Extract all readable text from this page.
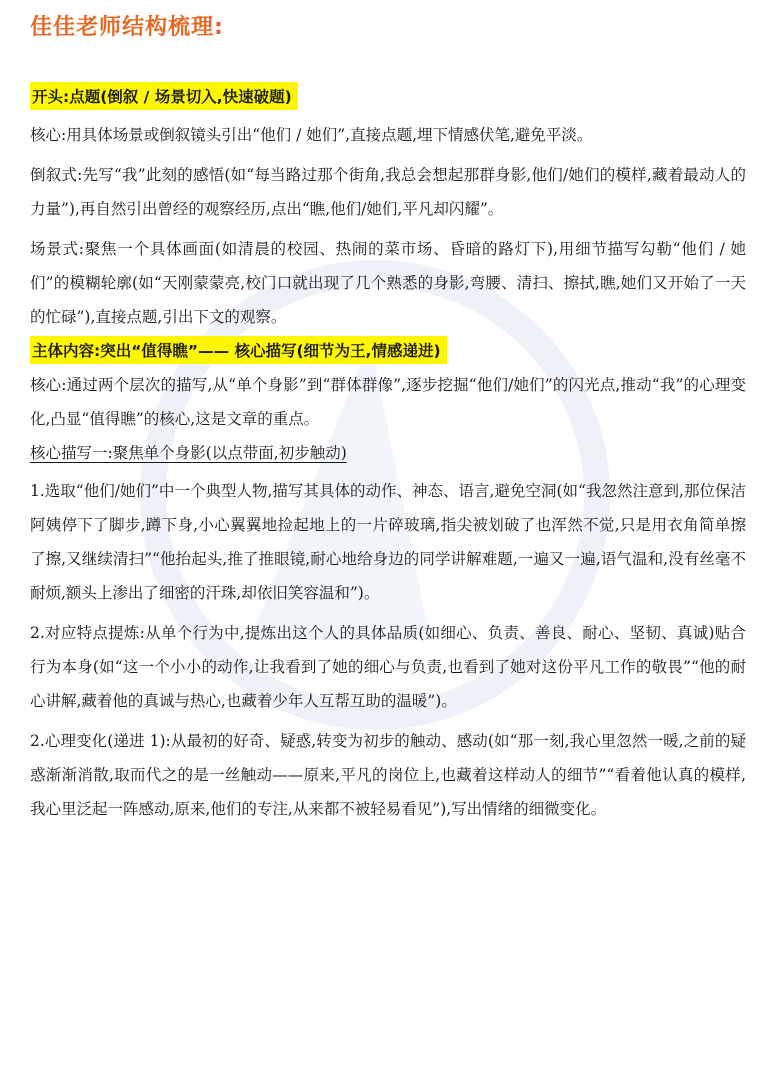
佳佳老师结构梳理:
开头:点题(倒叙 / 场景切入,快速破题)

核心:用具体场景或倒叙镜头引出“他们 / 她们”,直接点题,埋下情感伏笔,避免平淡。

倒叙式:先写“我”此刻的感悟(如“每当路过那个街角,我总会想起那群身影,他们/她们的模样,藏着最动人的力量”),再自然引出曾经的观察经历,点出“瞧,他们/她们,平凡却闪耀”。

场景式:聚焦一个具体画面(如清晨的校园、热闹的菜市场、昏暗的路灯下),用细节描写勾勒“他们 / 她们”的模糊轮廓(如“天刚蒙蒙亮,校门口就出现了几个熟悉的身影,弯腰、清扫、擦拭,瞧,她们又开始了一天的忙碌”),直接点题,引出下文的观察。

主体内容:突出“值得瞧”—— 核心描写(细节为王,情感递进)

核心:通过两个层次的描写,从“单个身影”到“群体群像”,逐步挖掘“他们/她们”的闪光点,推动“我”的心理变化,凸显“值得瞧”的核心,这是文章的重点。

核心描写一:聚焦单个身影(以点带面,初步触动)

1.选取“他们/她们”中一个典型人物,描写其具体的动作、神态、语言,避免空洞(如“我忽然注意到,那位保洁阿姨停下了脚步,蹲下身,小心翼翼地捡起地上的一片碎玻璃,指尖被划破了也浑然不觉,只是用衣角简单擦了擦,又继续清扫”“他抬起头,推了推眼镜,耐心地给身边的同学讲解难题,一遍又一遍,语气温和,没有丝毫不耐烦,额头上渗出了细密的汗珠,却依旧笑容温和”)。

2.对应特点提炼:从单个行为中,提炼出这个人的具体品质(如细心、负责、善良、耐心、坚韧、真诚)贴合行为本身(如“这一个小小的动作,让我看到了她的细心与负责,也看到了她对这份平凡工作的敬畏”“他的耐心讲解,藏着他的真诚与热心,也藏着少年人互帮互助的温暖”)。

2.心理变化(递进 1):从最初的好奇、疑惑,转变为初步的触动、感动(如“那一刻,我心里忽然一暖,之前的疑惑渐渐消散,取而代之的是一丝触动——原来,平凡的岗位上,也藏着这样动人的细节”“看着他认真的模样,我心里泛起一阵感动,原来,他们的专注,从来都不被轻易看见”),写出情绪的细微变化。
